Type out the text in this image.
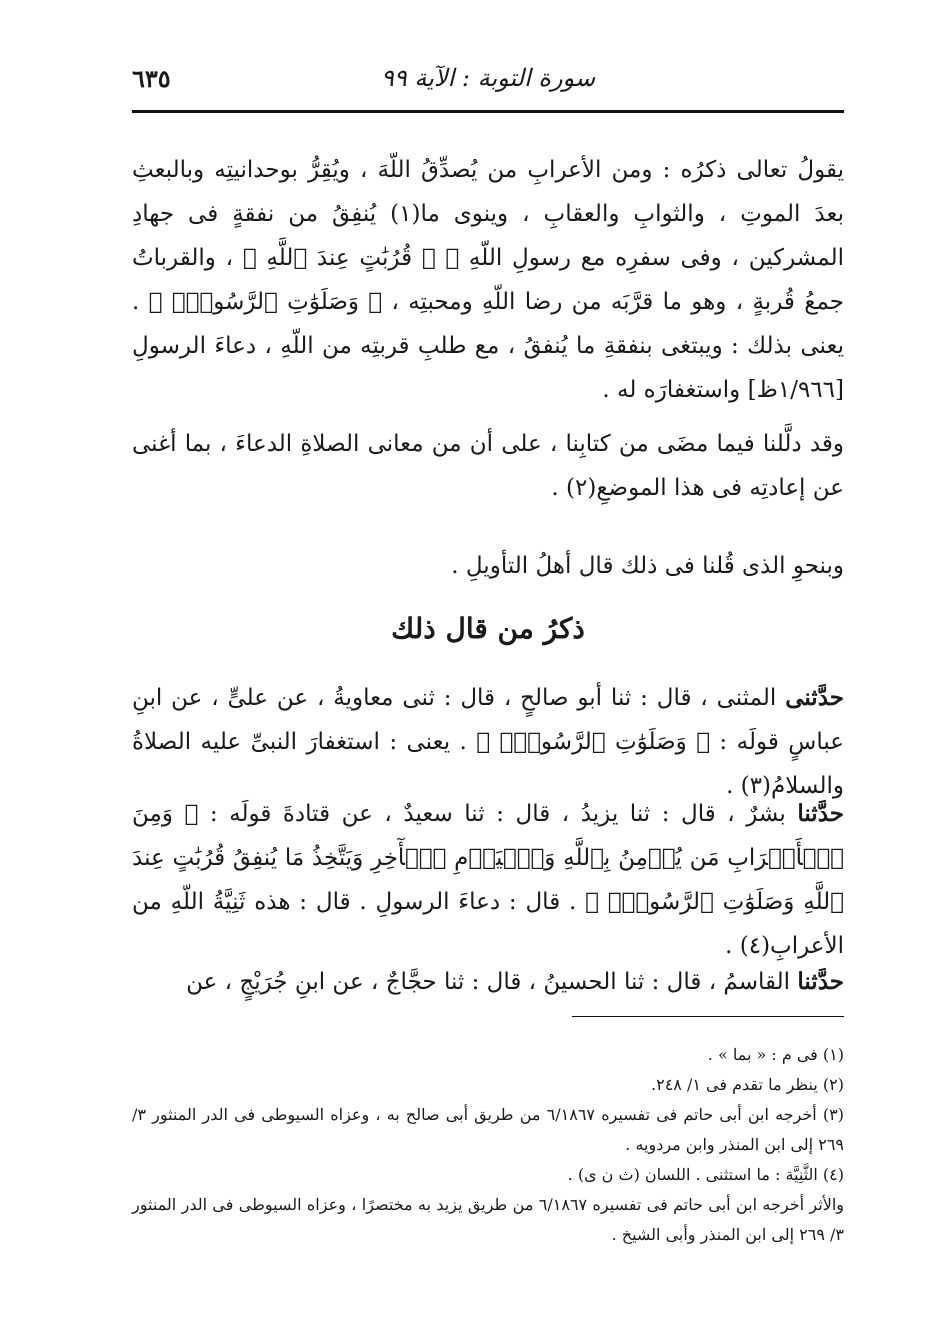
سورة التوبة : الآية ٩٩
٦٣٥

يقولُ تعالى ذكرُه : ومن الأعرابِ من يُصدِّقُ اللّهَ ، ويُقِرُّ بوحدانيتِه وبالبعثِ بعدَ الموتِ ، والثوابِ والعقابِ ، وينوى ما(١) يُنفِقُ من نفقةٍ فى جهادِ المشركين ، وفى سفرِه مع رسولِ اللّهِ ﷺ ﴿ قُرُبَٰتٍ عِندَ ٱللَّهِ ﴾ ، والقرباتُ جمعُ قُربةٍ ، وهو ما قرَّبَه من رضا اللّهِ ومحبتِه ، ﴿ وَصَلَوَٰتِ ٱلرَّسُولِۚ ﴾ . يعنى بذلك : ويبتغى بنفقةِ ما يُنفقُ ، مع طلبِ قربتِه من اللّهِ ، دعاءَ الرسولِ [١/٩٦٦ظ] واستغفارَه له .

وقد دلَّلنا فيما مضَى من كتابِنا ، على أن من معانى الصلاةِ الدعاءَ ، بما أغنى عن إعادتِه فى هذا الموضعِ(٢) .

وبنحوِ الذى قُلنا فى ذلك قال أهلُ التأويلِ .

ذكرُ من قال ذلك

حدَّثنى المثنى ، قال : ثنا أبو صالحٍ ، قال : ثنى معاويةُ ، عن علىٍّ ، عن ابنِ عباسٍ قولَه : ﴿ وَصَلَوَٰتِ ٱلرَّسُولِۚ ﴾ . يعنى : استغفارَ النبىِّ عليه الصلاةُ والسلامُ(٣) .

حدَّثنا بشرٌ ، قال : ثنا يزيدُ ، قال : ثنا سعيدٌ ، عن قتادةَ قولَه : ﴿ وَمِنَ ٱلۡأَعۡرَابِ مَن يُؤۡمِنُ بِٱللَّهِ وَٱلۡيَوۡمِ ٱلۡأٓخِرِ وَيَتَّخِذُ مَا يُنفِقُ قُرُبَٰتٍ عِندَ ٱللَّهِ وَصَلَوَٰتِ ٱلرَّسُولِۚ ﴾ . قال : دعاءَ الرسولِ . قال : هذه ثَنِيَّةُ اللّهِ من الأعرابِ(٤) .

حدَّثنا القاسمُ ، قال : ثنا الحسينُ ، قال : ثنا حجَّاجٌ ، عن ابنِ جُرَيْجٍ ، عن

(١) فى م : « بما » .

(٢) ينظر ما تقدم فى ١/ ٢٤٨.

(٣) أخرجه ابن أبى حاتم فى تفسيره ٦/١٨٦٧ من طريق أبى صالح به ، وعزاه السيوطى فى الدر المنثور ٣/ ٢٦٩ إلى ابن المنذر وابن مردويه .

(٤) الثَّنِيَّة : ما استثنى . اللسان (ث ن ى) .

والأثر أخرجه ابن أبى حاتم فى تفسيره ٦/١٨٦٧ من طريق يزيد به مختصرًا ، وعزاه السيوطى فى الدر المنثور ٣/ ٢٦٩ إلى ابن المنذر وأبى الشيخ .
